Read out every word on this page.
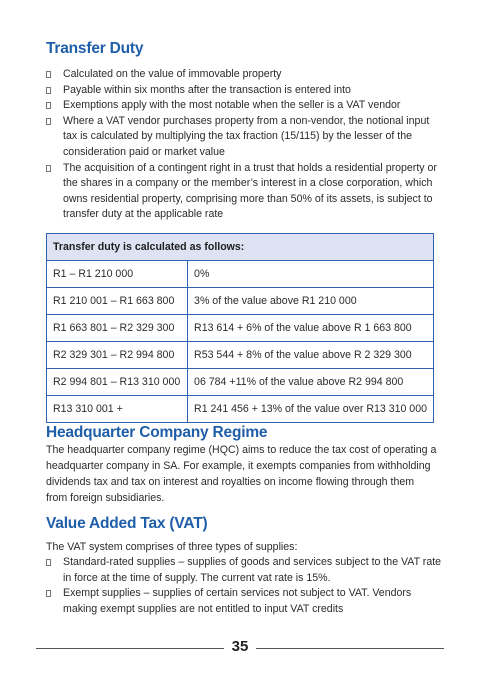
Transfer Duty
Calculated on the value of immovable property
Payable within six months after the transaction is entered into
Exemptions apply with the most notable when the seller is a VAT vendor
Where a VAT vendor purchases property from a non-vendor, the notional input tax is calculated by multiplying the tax fraction (15/115) by the lesser of the consideration paid or market value
The acquisition of a contingent right in a trust that holds a residential property or the shares in a company or the member’s interest in a close corporation, which owns residential property, comprising more than 50% of its assets, is subject to transfer duty at the applicable rate
Transfer duty is calculated as follows:	
R1 – R1 210 000	0%
R1 210 001 – R1 663 800	3% of the value above R1 210 000
R1 663 801 – R2 329 300	R13 614 + 6% of the value above R 1 663 800
R2 329 301 – R2 994 800	R53 544 + 8% of the value above R 2 329 300
R2 994 801 – R13 310 000	06 784 +11% of the value above R2 994 800
R13 310 001 +	R1 241 456 + 13% of the value over R13 310 000
Headquarter Company Regime

The headquarter company regime (HQC) aims to reduce the tax cost of operating a headquarter company in SA. For example, it exempts companies from withholding dividends tax and tax on interest and royalties on income flowing through them from foreign subsidiaries.

Value Added Tax (VAT)

The VAT system comprises of three types of supplies:

Standard-rated supplies – supplies of goods and services subject to the VAT rate in force at the time of supply. The current vat rate is 15%.
Exempt supplies – supplies of certain services not subject to VAT. Vendors making exempt supplies are not entitled to input VAT credits
35
